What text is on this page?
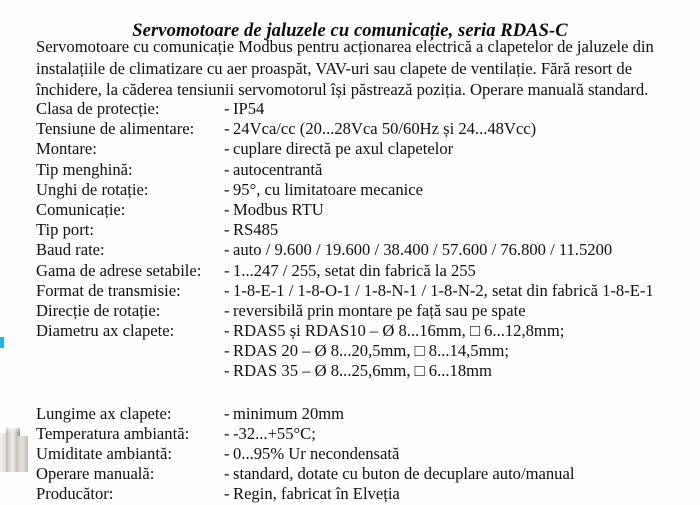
Servomotoare de jaluzele cu comunicație, seria RDAS-C
Servomotoare cu comunicație Modbus pentru acționarea electrică a clapetelor de jaluzele din
instalațiile de climatizare cu aer proaspăt, VAV-uri sau clapete de ventilație. Fără resort de
închidere, la căderea tensiunii servomotorul își păstrează poziția. Operare manuală standard.
Clasa de protecție:	- IP54
Tensiune de alimentare:	- 24Vca/cc (20...28Vca 50/60Hz și 24...48Vcc)
Montare:	- cuplare directă pe axul clapetelor
Tip menghină:	- autocentrantă
Unghi de rotație:	- 95°, cu limitatoare mecanice
Comunicație:	- Modbus RTU
Tip port:	- RS485
Baud rate:	- auto / 9.600 / 19.600 / 38.400 / 57.600 / 76.800 / 11.5200
Gama de adrese setabile:	- 1...247 / 255, setat din fabrică la 255
Format de transmisie:	- 1-8-E-1 / 1-8-O-1 / 1-8-N-1 / 1-8-N-2, setat din fabrică 1-8-E-1
Direcție de rotație:	- reversibilă prin montare pe față sau pe spate
Diametru ax clapete:	- RDAS5 și RDAS10 – Ø 8...16mm, □ 6...12,8mm;
- RDAS 20 – Ø 8...20,5mm, □ 8...14,5mm;
- RDAS 35 – Ø 8...25,6mm, □ 6...18mm
Lungime ax clapete:	- minimum 20mm
Temperatura ambiantă:	- -32...+55°C;
Umiditate ambiantă:	- 0...95% Ur necondensată
Operare manuală:	- standard, dotate cu buton de decuplare auto/manual
Producător:	- Regin, fabricat în Elveția
